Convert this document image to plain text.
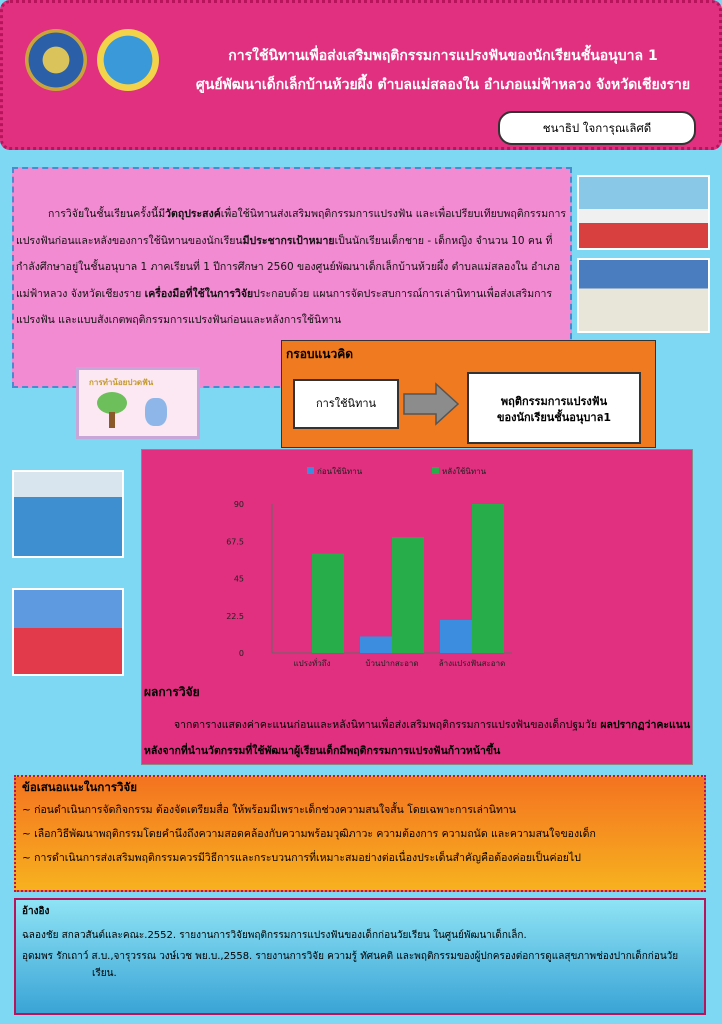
การใช้นิทานเพื่อส่งเสริมพฤติกรรมการแปรงฟันของนักเรียนชั้นอนุบาล 1
ศูนย์พัฒนาเด็กเล็กบ้านห้วยผึ้ง ตำบลแม่สลองใน อำเภอแม่ฟ้าหลวง จังหวัดเชียงราย
ชนาธิป ใจการุณเลิศดี

การวิจัยในชั้นเรียนครั้งนี้มีวัตถุประสงค์เพื่อใช้นิทานส่งเสริมพฤติกรรมการแปรงฟัน และเพื่อเปรียบเทียบพฤติกรรมการแปรงฟันก่อนและหลังของการใช้นิทานของนักเรียนมีประชากรเป้าหมายเป็นนักเรียนเด็กชาย - เด็กหญิง จำนวน 10 คน ที่กำลังศึกษาอยู่ในชั้นอนุบาล 1 ภาคเรียนที่ 1 ปีการศึกษา 2560 ของศูนย์พัฒนาเด็กเล็กบ้านห้วยผึ้ง ตำบลแม่สลองใน อำเภอแม่ฟ้าหลวง จังหวัดเชียงราย เครื่องมือที่ใช้ในการวิจัยประกอบด้วย แผนการจัดประสบการณ์การเล่านิทานเพื่อส่งเสริมการแปรงฟัน และแบบสังเกตพฤติกรรมการแปรงฟันก่อนและหลังการใช้นิทาน

การทำน้อยปวดฟัน
กรอบแนวคิด
การใช้นิทาน	พฤติกรรมการแปรงฟัน
ของนักเรียนชั้นอนุบาล1
0
22.5
45
67.5
90
แปรงทั่วถึง	บ้วนปากสะอาด	ล้างแปรงฟันสะอาด
ก่อนใช้นิทาน	หลังใช้นิทาน
ผลการวิจัย

จากตารางแสดงค่าคะแนนก่อนและหลังนิทานเพื่อส่งเสริมพฤติกรรมการแปรงฟันของเด็กปฐมวัย ผลปรากฏว่าคะแนนหลังจากที่นำนวัตกรรมที่ใช้พัฒนาผู้เรียนเด็กมีพฤติกรรมการแปรงฟันก้าวหน้าขึ้น

ข้อเสนอแนะในการวิจัย
~ ก่อนดำเนินการจัดกิจกรรม ต้องจัดเตรียมสื่อ ให้พร้อมมีเพราะเด็กช่วงความสนใจสั้น โดยเฉพาะการเล่านิทาน
~ เลือกวิธีพัฒนาพฤติกรรมโดยคำนึงถึงความสอดคล้องกับความพร้อมวุฒิภาวะ ความต้องการ ความถนัด และความสนใจของเด็ก
~ การดำเนินการส่งเสริมพฤติกรรมควรมีวิธีการและกระบวนการที่เหมาะสมอย่างต่อเนื่องประเด็นสำคัญคือต้องค่อยเป็นค่อยไป
อ้างอิง
ฉลองชัย สกลวสันต์และคณะ.2552. รายงานการวิจัยพฤติกรรมการแปรงฟันของเด็กก่อนวัยเรียน ในศูนย์พัฒนาเด็กเล็ก.
อุดมพร รักเถาว์ ส.บ.,จารุวรรณ วงษ์เวช พย.บ.,2558. รายงานการวิจัย ความรู้ ทัศนคติ และพฤติกรรมของผู้ปกครองต่อการดูแลสุขภาพช่องปากเด็กก่อนวัยเรียน.
